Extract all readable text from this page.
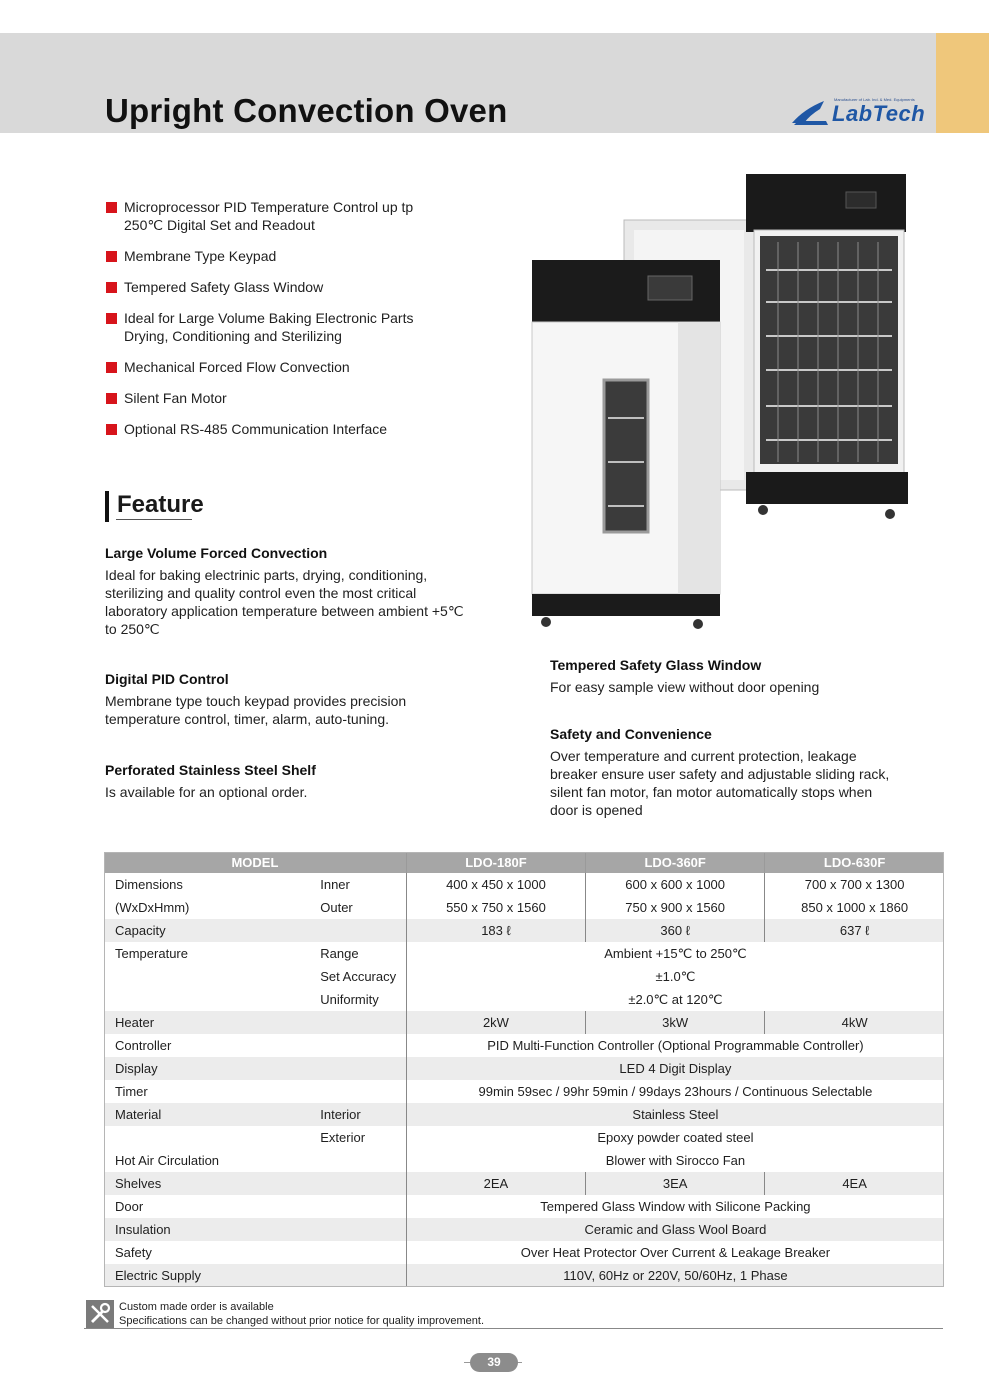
Upright Convection Oven	Manufacturer of Lab. Ind. & Med. Equipments
LabTech
Microprocessor PID Temperature Control up tp
250℃ Digital Set and Readout
Membrane Type Keypad
Tempered Safety Glass Window
Ideal for Large Volume Baking Electronic Parts
Drying, Conditioning and Sterilizing
Mechanical Forced Flow Convection
Silent Fan Motor
Optional RS-485 Communication Interface
Feature
Large Volume Forced Convection

Ideal for baking electrinic parts, drying, conditioning, sterilizing and quality control even the most critical laboratory application temperature between ambient +5℃ to 250℃

Digital PID Control

Membrane type touch keypad provides precision temperature control, timer, alarm, auto-tuning.

Perforated Stainless Steel Shelf

Is available for an optional order.

Tempered Safety Glass Window

For easy sample view without door opening

Safety and Convenience

Over temperature and current protection, leakage breaker ensure user safety and adjustable sliding rack, silent fan motor, fan motor automatically stops when door is opened

MODEL		LDO-180F	LDO-360F	LDO-630F
Dimensions	Inner	400 x 450 x 1000	600 x 600 x 1000	700 x 700 x 1300
(WxDxHmm)	Outer	550 x 750 x 1560	750 x 900 x 1560	850 x 1000 x 1860
Capacity		183 ℓ	360 ℓ	637 ℓ
Temperature	Range	Ambient +15℃ to 250℃		
	Set Accuracy	±1.0℃		
	Uniformity	±2.0℃ at 120℃		
Heater		2kW	3kW	4kW
Controller		PID Multi-Function Controller (Optional Programmable Controller)		
Display		LED 4 Digit Display		
Timer		99min 59sec / 99hr 59min / 99days 23hours / Continuous Selectable		
Material	Interior	Stainless Steel		
	Exterior	Epoxy powder coated steel		
Hot Air Circulation		Blower with Sirocco Fan		
Shelves		2EA	3EA	4EA
Door		Tempered Glass Window with Silicone Packing		
Insulation		Ceramic and Glass Wool Board		
Safety		Over Heat Protector Over Current & Leakage Breaker		
Electric Supply		110V, 60Hz or 220V, 50/60Hz, 1 Phase		
Custom made order is available
Specifications can be changed without prior notice for quality improvement.
39
